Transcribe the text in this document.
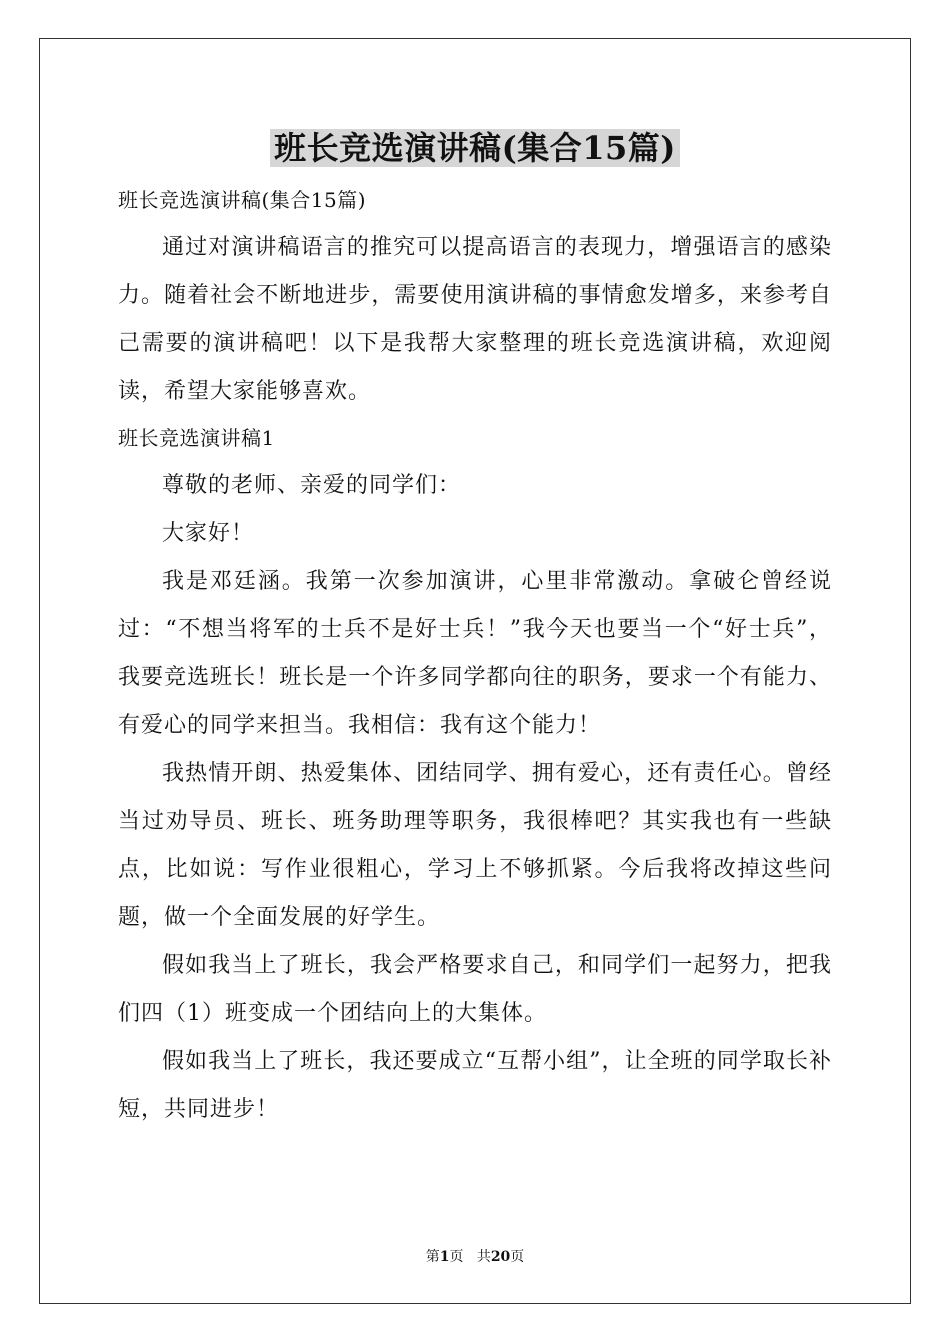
班长竞选演讲稿(集合15篇)
班长竞选演讲稿(集合15篇)

通过对演讲稿语言的推究可以提高语言的表现力，增强语言的感染力。随着社会不断地进步，需要使用演讲稿的事情愈发增多，来参考自己需要的演讲稿吧！以下是我帮大家整理的班长竞选演讲稿，欢迎阅读，希望大家能够喜欢。

班长竞选演讲稿1

尊敬的老师、亲爱的同学们：

大家好！

我是邓廷涵。我第一次参加演讲，心里非常激动。拿破仑曾经说过：“不想当将军的士兵不是好士兵！”我今天也要当一个“好士兵”，我要竞选班长！班长是一个许多同学都向往的职务，要求一个有能力、有爱心的同学来担当。我相信：我有这个能力！

我热情开朗、热爱集体、团结同学、拥有爱心，还有责任心。曾经当过劝导员、班长、班务助理等职务，我很棒吧？其实我也有一些缺点，比如说：写作业很粗心，学习上不够抓紧。今后我将改掉这些问题，做一个全面发展的好学生。

假如我当上了班长，我会严格要求自己，和同学们一起努力，把我们四（1）班变成一个团结向上的大集体。

假如我当上了班长，我还要成立“互帮小组”，让全班的同学取长补短，共同进步！

第1页 共20页
